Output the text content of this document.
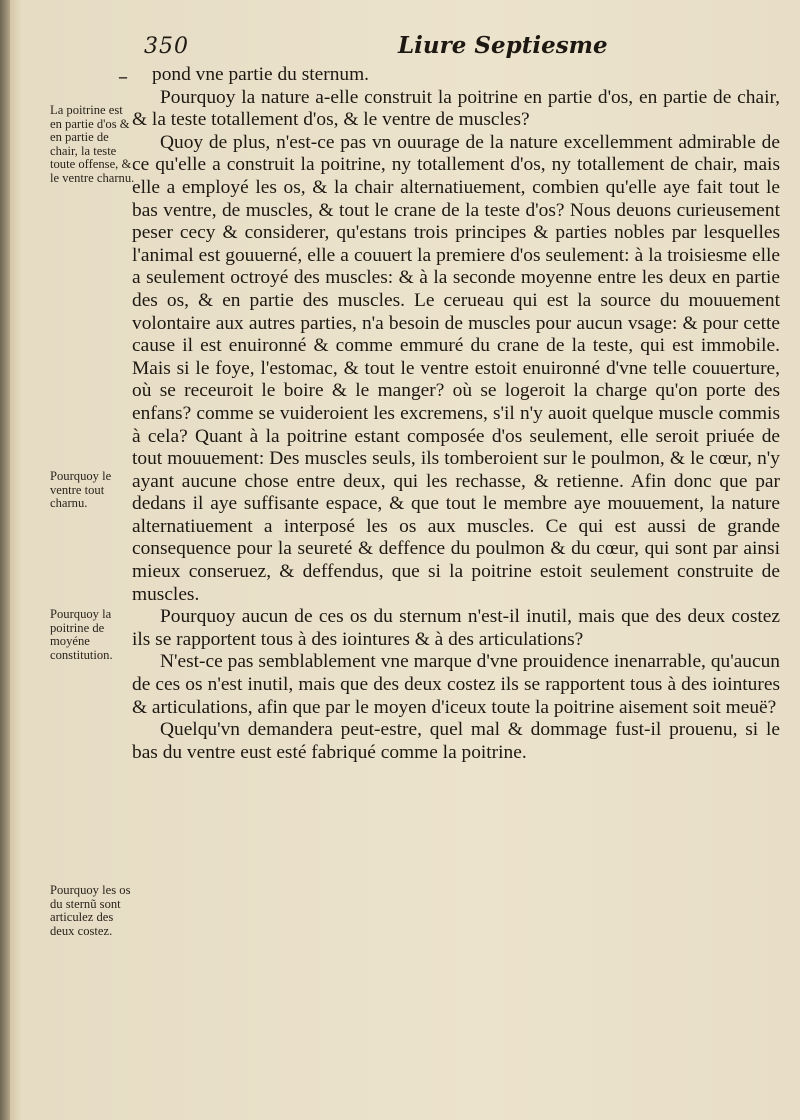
350	Liure Septiesme
–	pond vne partie du sternum.

Pourquoy la nature a-elle construit la poitrine en partie d'os, en partie de chair, & la teste totallement d'os, & le ventre de muscles?

Quoy de plus, n'est-ce pas vn ouurage de la nature excellemment admirable de ce qu'elle a construit la poitrine, ny totallement d'os, ny totallement de chair, mais elle a employé les os, & la chair alternatiuement, combien qu'elle aye fait tout le bas ventre, de muscles, & tout le crane de la teste d'os? Nous deuons curieusement peser cecy & considerer, qu'estans trois principes & parties nobles par lesquelles l'animal est gouuerné, elle a couuert la premiere d'os seulement: à la troisiesme elle a seulement octroyé des muscles: & à la seconde moyenne entre les deux en partie des os, & en partie des muscles. Le cerueau qui est la source du mouuement volontaire aux autres parties, n'a besoin de muscles pour aucun vsage: & pour cette cause il est enuironné & comme emmuré du crane de la teste, qui est immobile. Mais si le foye, l'estomac, & tout le ventre estoit enuironné d'vne telle couuerture, où se receuroit le boire & le manger? où se logeroit la charge qu'on porte des enfans? comme se vuideroient les excremens, s'il n'y auoit quelque muscle commis à cela? Quant à la poitrine estant composée d'os seulement, elle seroit priuée de tout mouuement: Des muscles seuls, ils tomberoient sur le poulmon, & le cœur, n'y ayant aucune chose entre deux, qui les rechasse, & retienne. Afin donc que par dedans il aye suffisante espace, & que tout le membre aye mouuement, la nature alternatiuement a interposé les os aux muscles. Ce qui est aussi de grande consequence pour la seureté & deffence du poulmon & du cœur, qui sont par ainsi mieux conseruez, & deffendus, que si la poitrine estoit seulement construite de muscles.

Pourquoy aucun de ces os du sternum n'est-il inutil, mais que des deux costez ils se rapportent tous à des iointures & à des articulations?

N'est-ce pas semblablement vne marque d'vne prouidence inenarrable, qu'aucun de ces os n'est inutil, mais que des deux costez ils se rapportent tous à des iointures & articulations, afin que par le moyen d'iceux toute la poitrine aisement soit meuë?

Quelqu'vn demandera peut-estre, quel mal & dommage fust-il prouenu, si le bas du ventre eust esté fabriqué comme la poitrine.

La poitrine est en partie d'os & en partie de chair, la teste toute offense, & le ventre charnu.
Pourquoy le ventre tout charnu.
Pourquoy la poitrine de moyéne constitution.
Pourquoy les os du sternũ sont articulez des deux costez.
